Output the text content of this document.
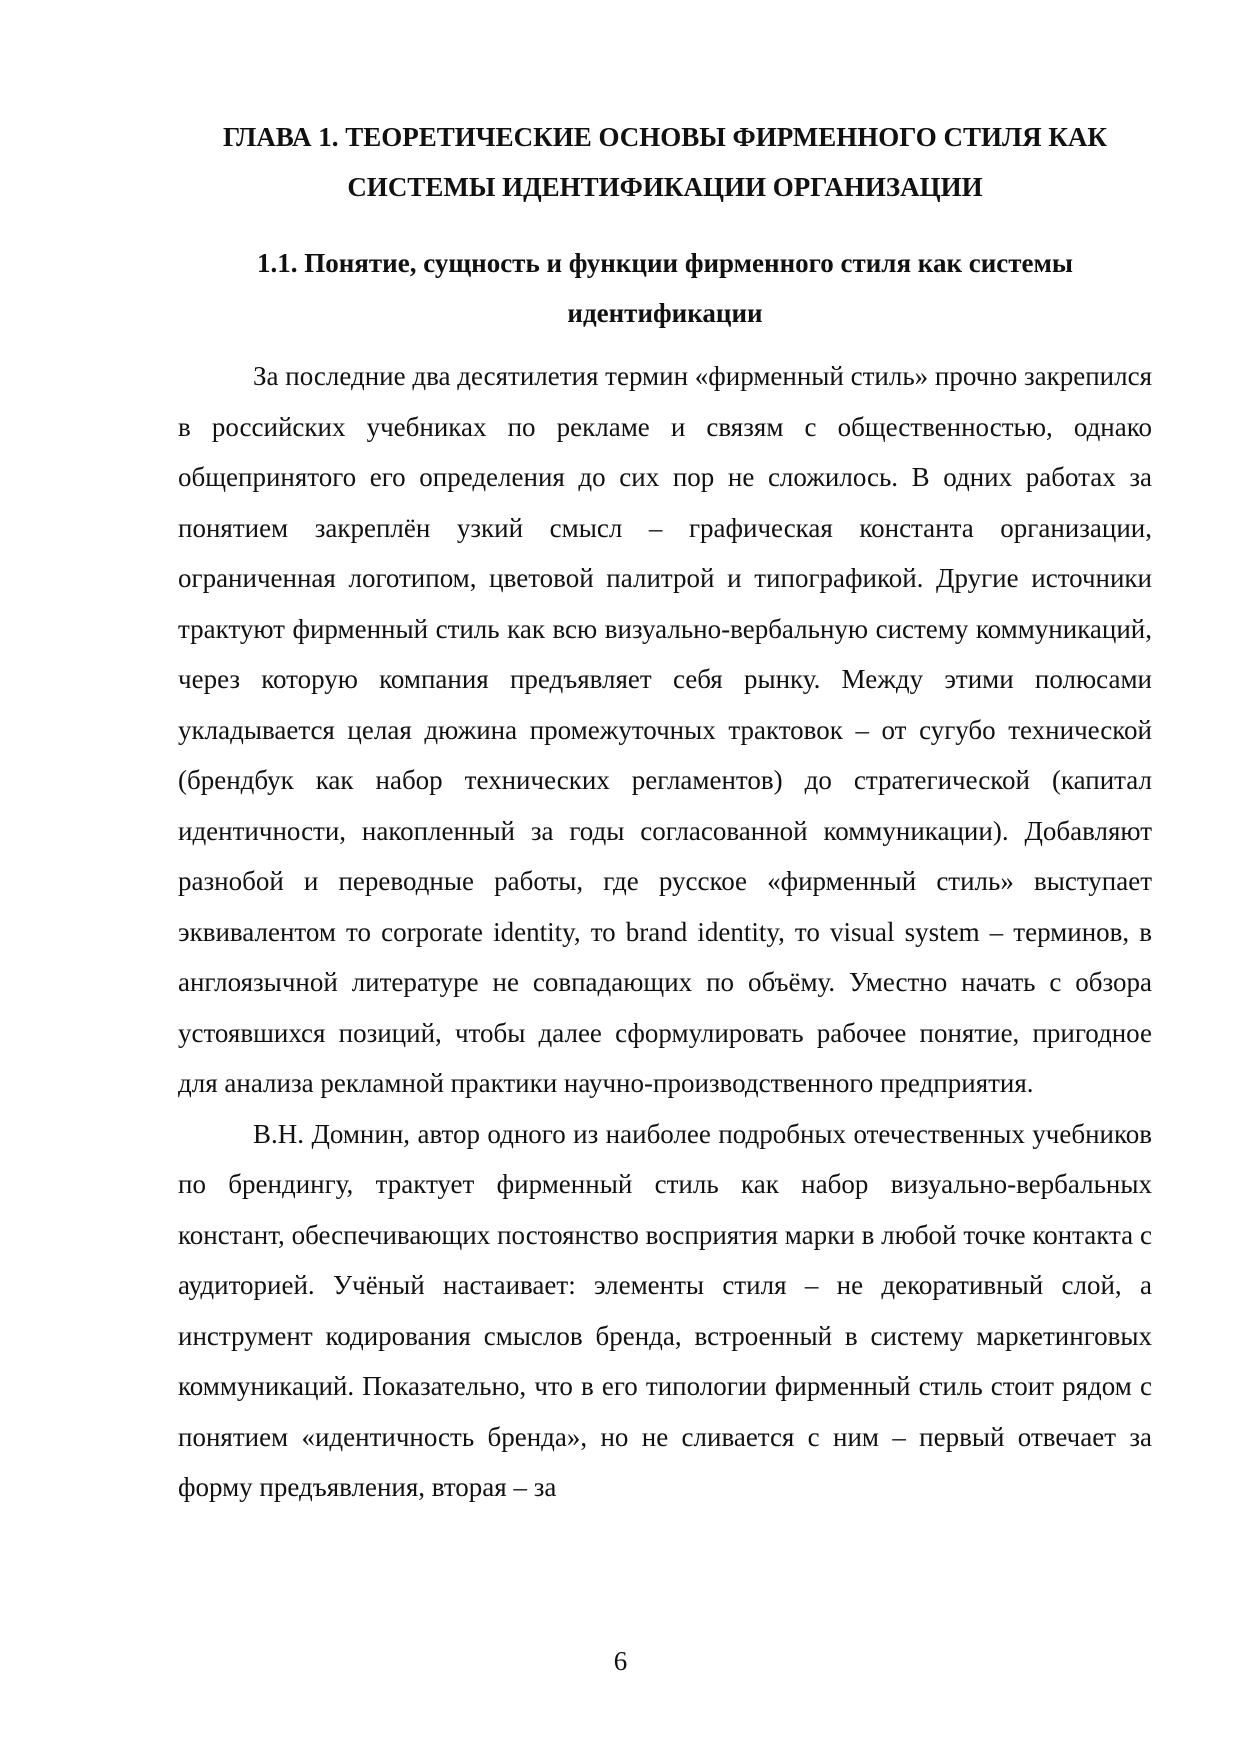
ГЛАВА 1. ТЕОРЕТИЧЕСКИЕ ОСНОВЫ ФИРМЕННОГО СТИЛЯ КАК СИСТЕМЫ ИДЕНТИФИКАЦИИ ОРГАНИЗАЦИИ
1.1. Понятие, сущность и функции фирменного стиля как системы идентификации

За последние два десятилетия термин «фирменный стиль» прочно закрепился в российских учебниках по рекламе и связям с общественностью, однако общепринятого его определения до сих пор не сложилось. В одних работах за понятием закреплён узкий смысл – графическая константа организации, ограниченная логотипом, цветовой палитрой и типографикой. Другие источники трактуют фирменный стиль как всю визуально-вербальную систему коммуникаций, через которую компания предъявляет себя рынку. Между этими полюсами укладывается целая дюжина промежуточных трактовок – от сугубо технической (брендбук как набор технических регламентов) до стратегической (капитал идентичности, накопленный за годы согласованной коммуникации). Добавляют разнобой и переводные работы, где русское «фирменный стиль» выступает эквивалентом то corporate identity, то brand identity, то visual system – терминов, в англоязычной литературе не совпадающих по объёму. Уместно начать с обзора устоявшихся позиций, чтобы далее сформулировать рабочее понятие, пригодное для анализа рекламной практики научно-производственного предприятия.

В.Н. Домнин, автор одного из наиболее подробных отечественных учебников по брендингу, трактует фирменный стиль как набор визуально-вербальных констант, обеспечивающих постоянство восприятия марки в любой точке контакта с аудиторией. Учёный настаивает: элементы стиля – не декоративный слой, а инструмент кодирования смыслов бренда, встроенный в систему маркетинговых коммуникаций. Показательно, что в его типологии фирменный стиль стоит рядом с понятием «идентичность бренда», но не сливается с ним – первый отвечает за форму предъявления, вторая – за

6
